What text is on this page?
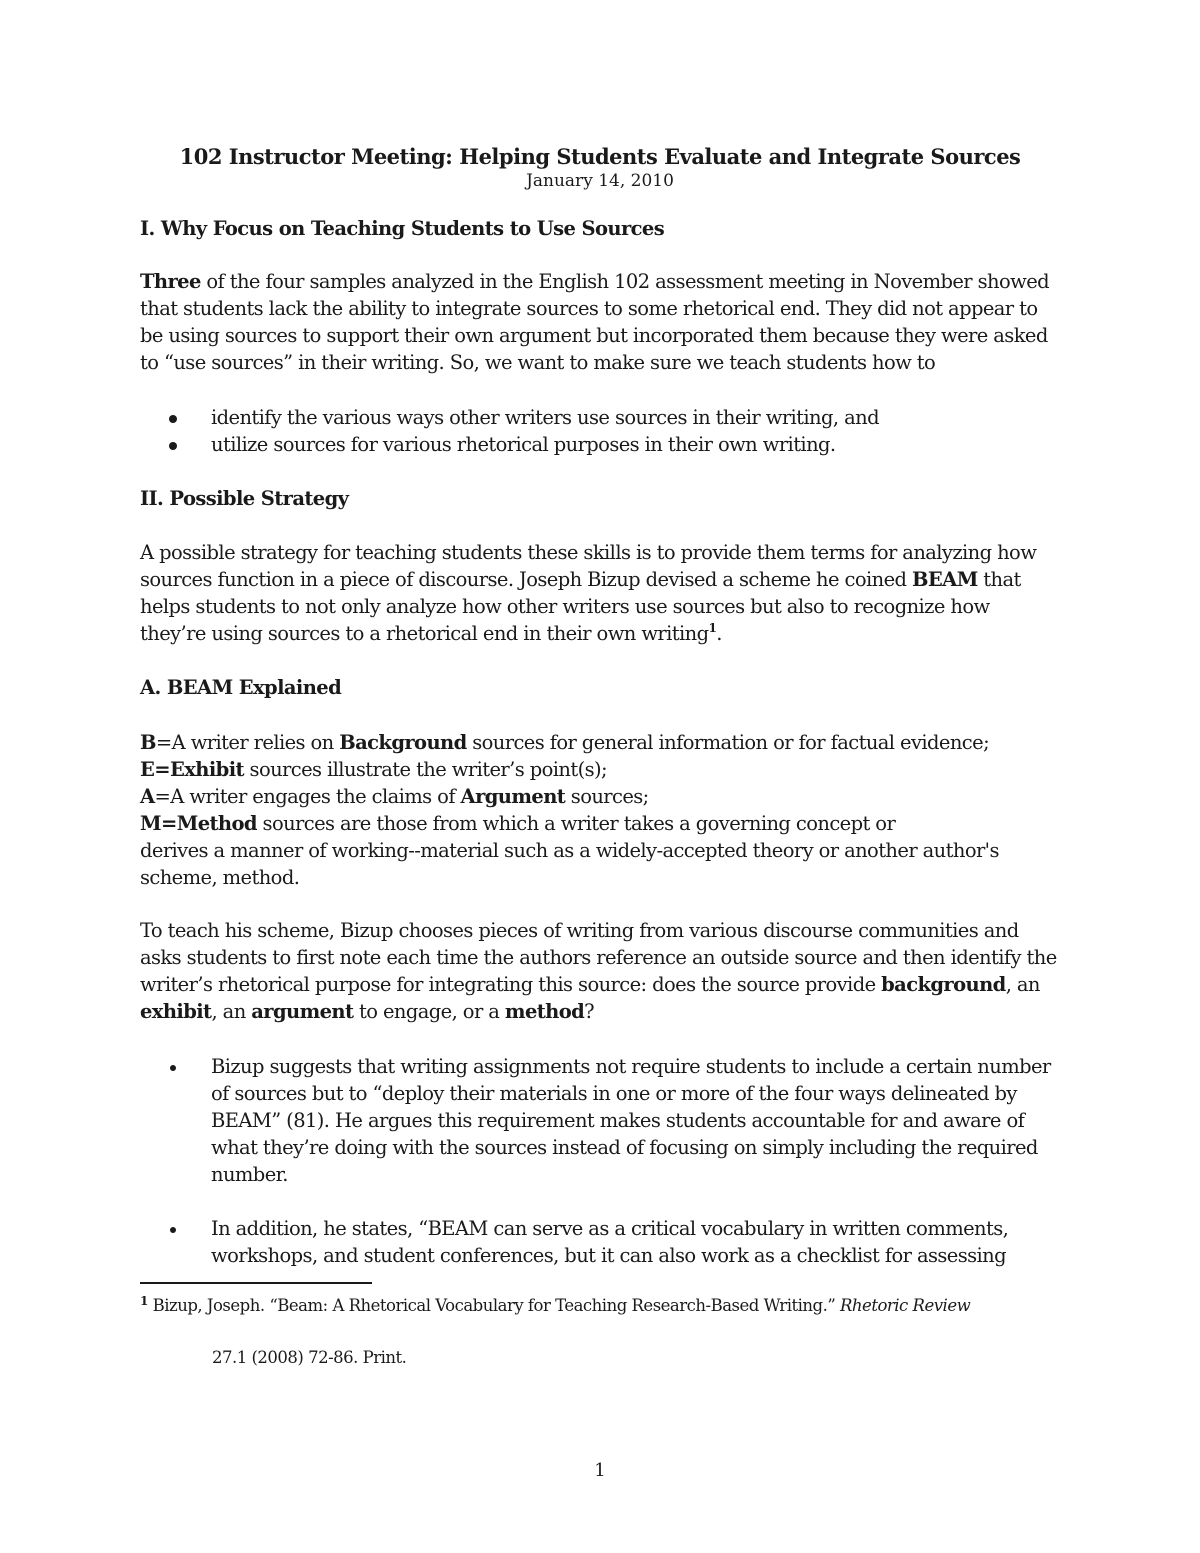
102 Instructor Meeting: Helping Students Evaluate and Integrate Sources
January 14, 2010
I. Why Focus on Teaching Students to Use Sources
Three of the four samples analyzed in the English 102 assessment meeting in November showed
that students lack the ability to integrate sources to some rhetorical end. They did not appear to
be using sources to support their own argument but incorporated them because they were asked
to “use sources” in their writing. So, we want to make sure we teach students how to
identify the various ways other writers use sources in their writing, and
utilize sources for various rhetorical purposes in their own writing.
II. Possible Strategy
A possible strategy for teaching students these skills is to provide them terms for analyzing how
sources function in a piece of discourse. Joseph Bizup devised a scheme he coined BEAM that
helps students to not only analyze how other writers use sources but also to recognize how
they’re using sources to a rhetorical end in their own writing$^1$.
A. BEAM Explained
B=A writer relies on Background sources for general information or for factual evidence;
E=Exhibit sources illustrate the writer’s point(s);
A=A writer engages the claims of Argument sources;
M=Method sources are those from which a writer takes a governing concept or
derives a manner of working--material such as a widely-accepted theory or another author's
scheme, method.
To teach his scheme, Bizup chooses pieces of writing from various discourse communities and
asks students to first note each time the authors reference an outside source and then identify the
writer’s rhetorical purpose for integrating this source: does the source provide background, an
exhibit, an argument to engage, or a method?
Bizup suggests that writing assignments not require students to include a certain number
of sources but to “deploy their materials in one or more of the four ways delineated by
BEAM” (81). He argues this requirement makes students accountable for and aware of
what they’re doing with the sources instead of focusing on simply including the required
number.
In addition, he states, “BEAM can serve as a critical vocabulary in written comments,
workshops, and student conferences, but it can also work as a checklist for assessing
$^1$ Bizup, Joseph. “Beam: A Rhetorical Vocabulary for Teaching Research-Based Writing.” Rhetoric Review
27.1 (2008) 72-86. Print.
1
